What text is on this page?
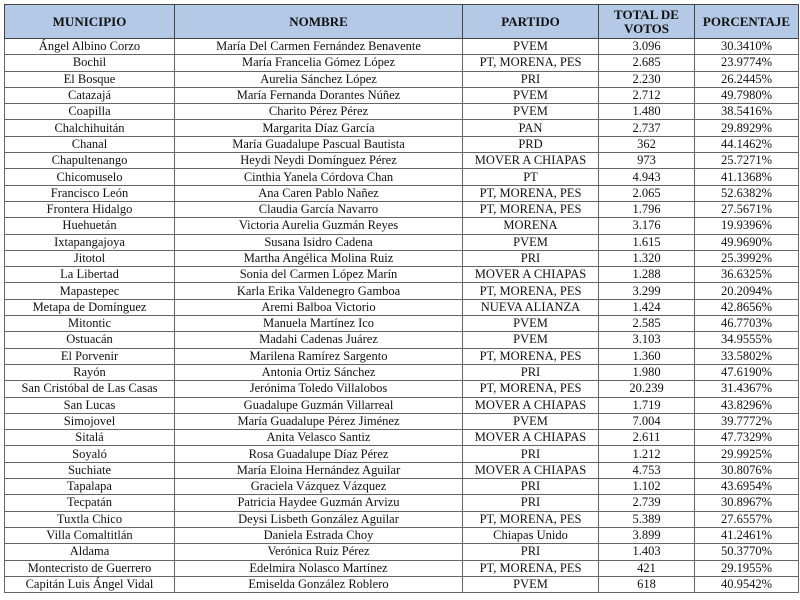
MUNICIPIO	NOMBRE	PARTIDO	TOTAL DE VOTOS	PORCENTAJE
Ángel Albino Corzo	María Del Carmen Fernández Benavente	PVEM	3.096	30.3410%
Bochil	María Francelia Gómez López	PT, MORENA, PES	2.685	23.9774%
El Bosque	Aurelia Sánchez López	PRI	2.230	26.2445%
Catazajá	María Fernanda Dorantes Núñez	PVEM	2.712	49.7980%
Coapilla	Charito Pérez Pérez	PVEM	1.480	38.5416%
Chalchihuitán	Margarita Díaz García	PAN	2.737	29.8929%
Chanal	María Guadalupe Pascual Bautista	PRD	362	44.1462%
Chapultenango	Heydi Neydi Domínguez Pérez	MOVER A CHIAPAS	973	25.7271%
Chicomuselo	Cinthia Yanela Córdova Chan	PT	4.943	41.1368%
Francisco León	Ana Caren Pablo Nañez	PT, MORENA, PES	2.065	52.6382%
Frontera Hidalgo	Claudia García Navarro	PT, MORENA, PES	1.796	27.5671%
Huehuetán	Victoria Aurelia Guzmán Reyes	MORENA	3.176	19.9396%
Ixtapangajoya	Susana Isidro Cadena	PVEM	1.615	49.9690%
Jitotol	Martha Angélica Molina Ruiz	PRI	1.320	25.3992%
La Libertad	Sonia del Carmen López Marín	MOVER A CHIAPAS	1.288	36.6325%
Mapastepec	Karla Erika Valdenegro Gamboa	PT, MORENA, PES	3.299	20.2094%
Metapa de Domínguez	Aremi Balboa Victorio	NUEVA ALIANZA	1.424	42.8656%
Mitontic	Manuela Martínez Ico	PVEM	2.585	46.7703%
Ostuacán	Madahi Cadenas Juárez	PVEM	3.103	34.9555%
El Porvenir	Marilena Ramírez Sargento	PT, MORENA, PES	1.360	33.5802%
Rayón	Antonia Ortiz Sánchez	PRI	1.980	47.6190%
San Cristóbal de Las Casas	Jerónima Toledo Villalobos	PT, MORENA, PES	20.239	31.4367%
San Lucas	Guadalupe Guzmán Villarreal	MOVER A CHIAPAS	1.719	43.8296%
Simojovel	María Guadalupe Pérez Jiménez	PVEM	7.004	39.7772%
Sitalá	Anita Velasco Santiz	MOVER A CHIAPAS	2.611	47.7329%
Soyaló	Rosa Guadalupe Díaz Pérez	PRI	1.212	29.9925%
Suchiate	María Eloina Hernández Aguilar	MOVER A CHIAPAS	4.753	30.8076%
Tapalapa	Graciela Vázquez Vázquez	PRI	1.102	43.6954%
Tecpatán	Patricia Haydee Guzmán Arvizu	PRI	2.739	30.8967%
Tuxtla Chico	Deysi Lisbeth González Aguilar	PT, MORENA, PES	5.389	27.6557%
Villa Comaltitlán	Daniela Estrada Choy	Chiapas Unido	3.899	41.2461%
Aldama	Verónica Ruiz Pérez	PRI	1.403	50.3770%
Montecristo de Guerrero	Edelmira Nolasco Martínez	PT, MORENA, PES	421	29.1955%
Capitán Luis Ángel Vidal	Emiselda González Roblero	PVEM	618	40.9542%
